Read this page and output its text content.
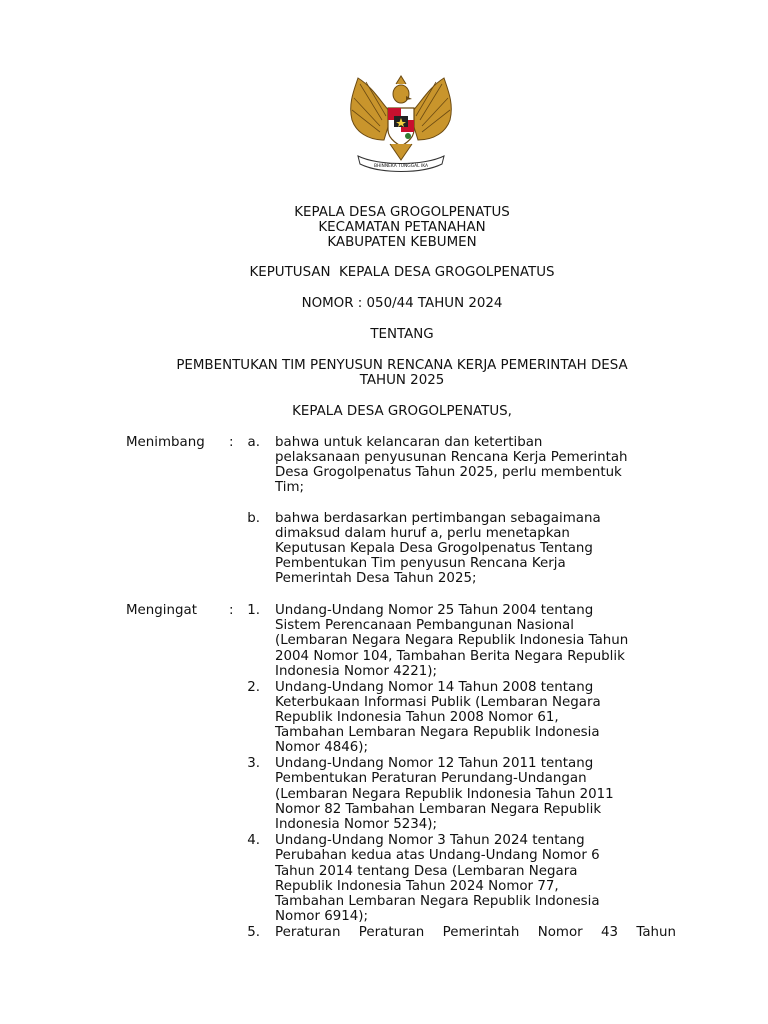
BHINNEKA TUNGGAL IKA
KEPALA DESA GROGOLPENATUS
KECAMATAN PETANAHAN
KABUPATEN KEBUMEN
KEPUTUSAN  KEPALA DESA GROGOLPENATUS
NOMOR : 050/44 TAHUN 2024
TENTANG
PEMBENTUKAN TIM PENYUSUN RENCANA KERJA PEMERINTAH DESA
TAHUN 2025
KEPALA DESA GROGOLPENATUS,
Menimbang :	a. bahwa untuk kelancaran dan ketertiban
pelaksanaan penyusunan Rencana Kerja Pemerintah
Desa Grogolpenatus Tahun 2025, perlu membentuk
Tim;
b. bahwa berdasarkan pertimbangan sebagaimana
dimaksud dalam huruf a, perlu menetapkan
Keputusan Kepala Desa Grogolpenatus Tentang
Pembentukan Tim penyusun Rencana Kerja
Pemerintah Desa Tahun 2025;
Mengingat :	1. Undang-Undang Nomor 25 Tahun 2004 tentang
Sistem Perencanaan Pembangunan Nasional
(Lembaran Negara Negara Republik Indonesia Tahun
2004 Nomor 104, Tambahan Berita Negara Republik
Indonesia Nomor 4221);
2. Undang-Undang Nomor 14 Tahun 2008 tentang
Keterbukaan Informasi Publik (Lembaran Negara
Republik Indonesia Tahun 2008 Nomor 61,
Tambahan Lembaran Negara Republik Indonesia
Nomor 4846);
3. Undang-Undang Nomor 12 Tahun 2011 tentang
Pembentukan Peraturan Perundang-Undangan
(Lembaran Negara Republik Indonesia Tahun 2011
Nomor 82 Tambahan Lembaran Negara Republik
Indonesia Nomor 5234);
4. Undang-Undang Nomor 3 Tahun 2024 tentang
Perubahan kedua atas Undang-Undang Nomor 6
Tahun 2014 tentang Desa (Lembaran Negara
Republik Indonesia Tahun 2024 Nomor 77,
Tambahan Lembaran Negara Republik Indonesia
Nomor 6914);
5. Peraturan Peraturan Pemerintah Nomor 43 Tahun
